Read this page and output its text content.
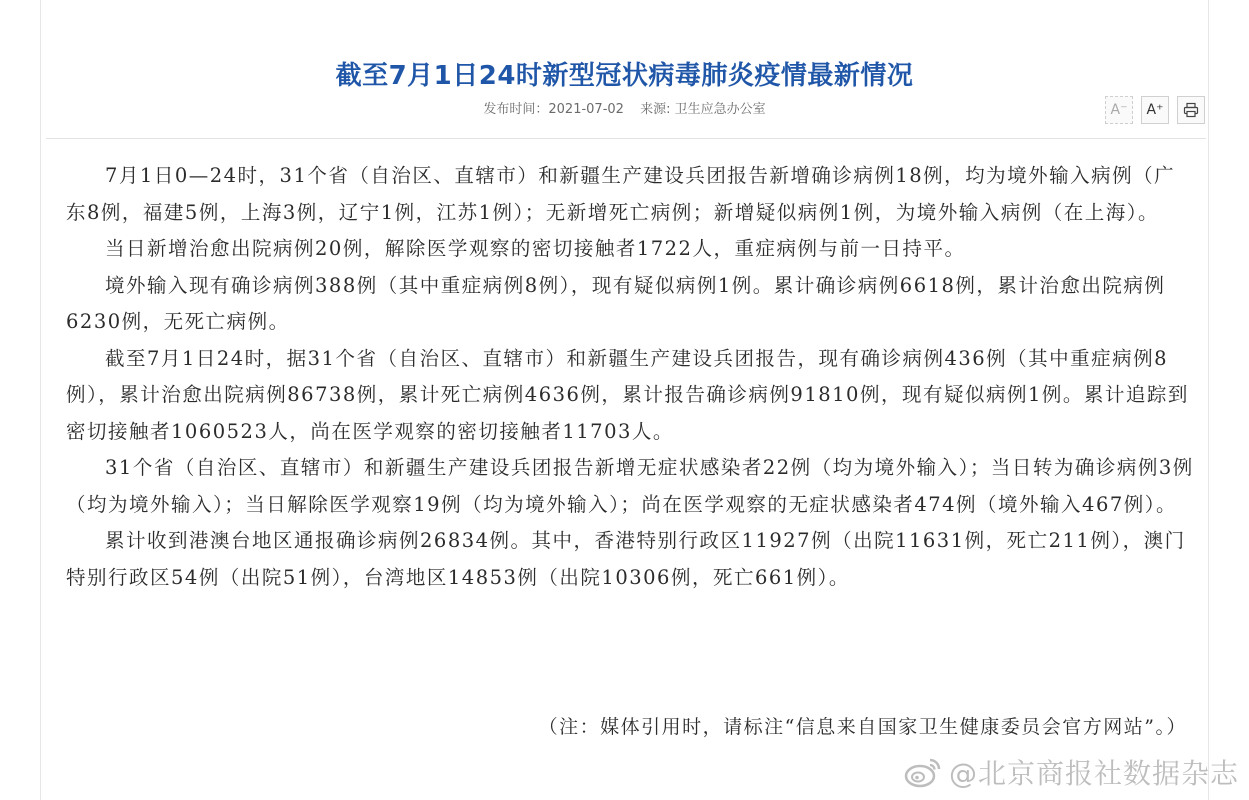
截至7月1日24时新型冠状病毒肺炎疫情最新情况
发布时间：2021-07-02 来源: 卫生应急办公室	A⁻	A⁺

7月1日0—24时，31个省（自治区、直辖市）和新疆生产建设兵团报告新增确诊病例18例，均为境外输入病例（广东8例，福建5例，上海3例，辽宁1例，江苏1例）；无新增死亡病例；新增疑似病例1例，为境外输入病例（在上海）。

当日新增治愈出院病例20例，解除医学观察的密切接触者1722人，重症病例与前一日持平。

境外输入现有确诊病例388例（其中重症病例8例），现有疑似病例1例。累计确诊病例6618例，累计治愈出院病例6230例，无死亡病例。

截至7月1日24时，据31个省（自治区、直辖市）和新疆生产建设兵团报告，现有确诊病例436例（其中重症病例8例），累计治愈出院病例86738例，累计死亡病例4636例，累计报告确诊病例91810例，现有疑似病例1例。累计追踪到密切接触者1060523人，尚在医学观察的密切接触者11703人。

31个省（自治区、直辖市）和新疆生产建设兵团报告新增无症状感染者22例（均为境外输入）；当日转为确诊病例3例（均为境外输入）；当日解除医学观察19例（均为境外输入）；尚在医学观察的无症状感染者474例（境外输入467例）。

累计收到港澳台地区通报确诊病例26834例。其中，香港特别行政区11927例（出院11631例，死亡211例），澳门特别行政区54例（出院51例），台湾地区14853例（出院10306例，死亡661例）。

（注：媒体引用时，请标注“信息来自国家卫生健康委员会官方网站”。）
@北京商报社数据杂志
